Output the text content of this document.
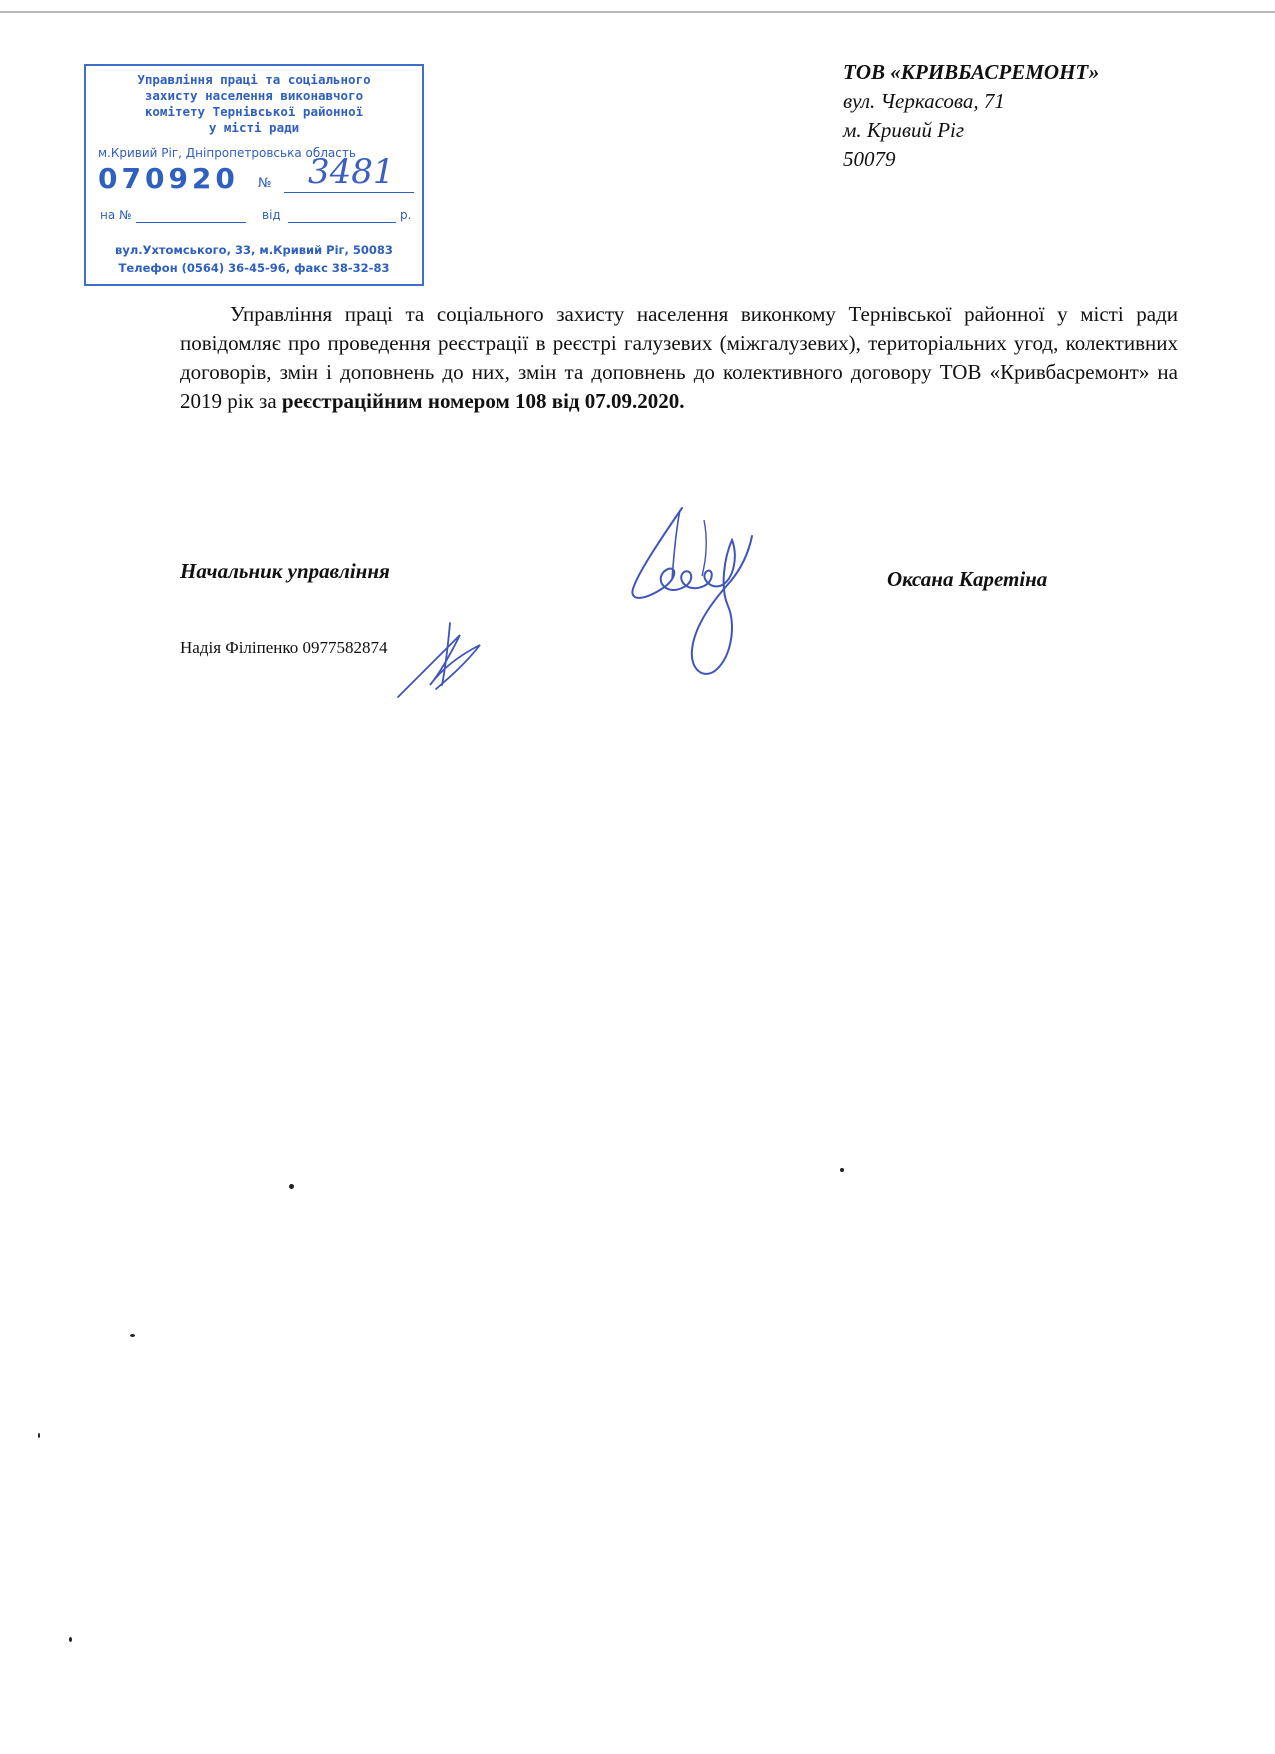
Управління праці та соціального
захисту населення виконавчого
комітету Тернівської районної
у місті ради
м.Кривий Ріг, Дніпропетровська область
070920 № 3481
на №	від	р.
вул.Ухтомського, 33, м.Кривий Ріг, 50083
Телефон (0564) 36-45-96, факс 38-32-83
ТОВ «КРИВБАСРЕМОНТ»
вул. Черкасова, 71
м. Кривий Ріг
50079
Управління праці та соціального захисту населення виконкому Тернівської районної у місті ради повідомляє про проведення реєстрації в реєстрі галузевих (міжгалузевих), територіальних угод, колективних договорів, змін і доповнень до них, змін та доповнень до колективного договору ТОВ «Кривбасремонт» на 2019 рік за реєстраційним номером 108 від 07.09.2020.
Начальник управління	Оксана Каретіна
Надія Філіпенко 0977582874
